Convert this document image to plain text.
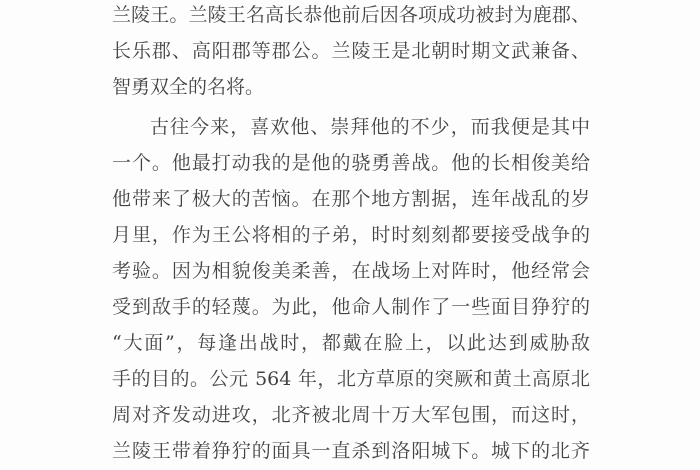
兰陵王。兰陵王名高长恭他前后因各项成功被封为鹿郡、
长乐郡、高阳郡等郡公。兰陵王是北朝时期文武兼备、
智勇双全的名将。
古往今来，喜欢他、崇拜他的不少，而我便是其中
一个。他最打动我的是他的骁勇善战。他的长相俊美给
他带来了极大的苦恼。在那个地方割据，连年战乱的岁
月里，作为王公将相的子弟，时时刻刻都要接受战争的
考验。因为相貌俊美柔善，在战场上对阵时，他经常会
受到敌手的轻蔑。为此，他命人制作了一些面目狰狞的
“大面”，每逢出战时，都戴在脸上，以此达到威胁敌
手的目的。公元 564 年，北方草原的突厥和黄土高原北
周对齐发动进攻，北齐被北周十万大军包围，而这时，
兰陵王带着狰狞的面具一直杀到洛阳城下。城下的北齐
